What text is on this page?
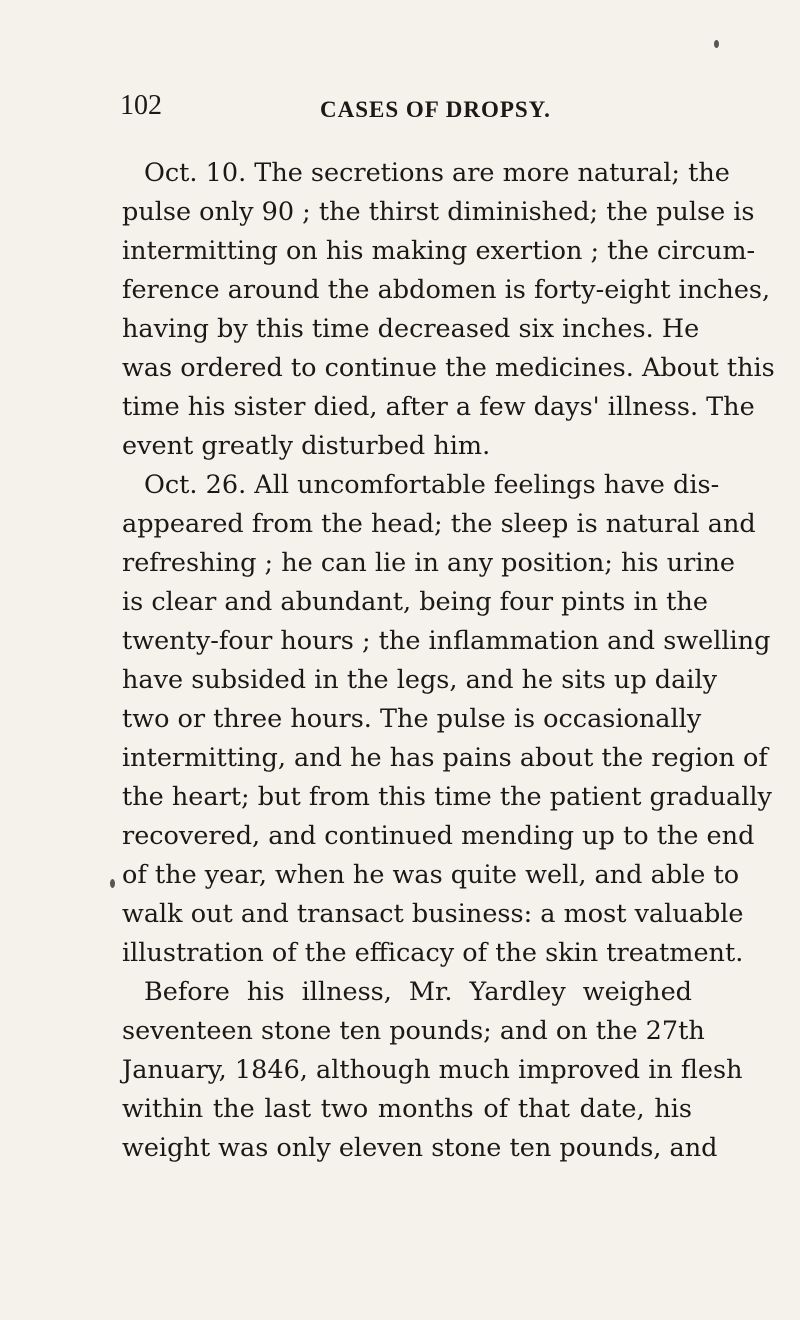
102	CASES OF DROPSY.
Oct. 10. The secretions are more natural; the
pulse only 90 ; the thirst diminished; the pulse is
intermitting on his making exertion ; the circum-
ference around the abdomen is forty-eight inches,
having by this time decreased six inches. He
was ordered to continue the medicines. About this
time his sister died, after a few days' illness. The
event greatly disturbed him.
Oct. 26. All uncomfortable feelings have dis-
appeared from the head; the sleep is natural and
refreshing ; he can lie in any position; his urine
is clear and abundant, being four pints in the
twenty-four hours ; the inflammation and swelling
have subsided in the legs, and he sits up daily
two or three hours. The pulse is occasionally
intermitting, and he has pains about the region of
the heart; but from this time the patient gradually
recovered, and continued mending up to the end
of the year, when he was quite well, and able to
walk out and transact business: a most valuable
illustration of the efficacy of the skin treatment.
Before his illness, Mr. Yardley weighed
seventeen stone ten pounds; and on the 27th
January, 1846, although much improved in flesh
within the last two months of that date, his
weight was only eleven stone ten pounds, and
